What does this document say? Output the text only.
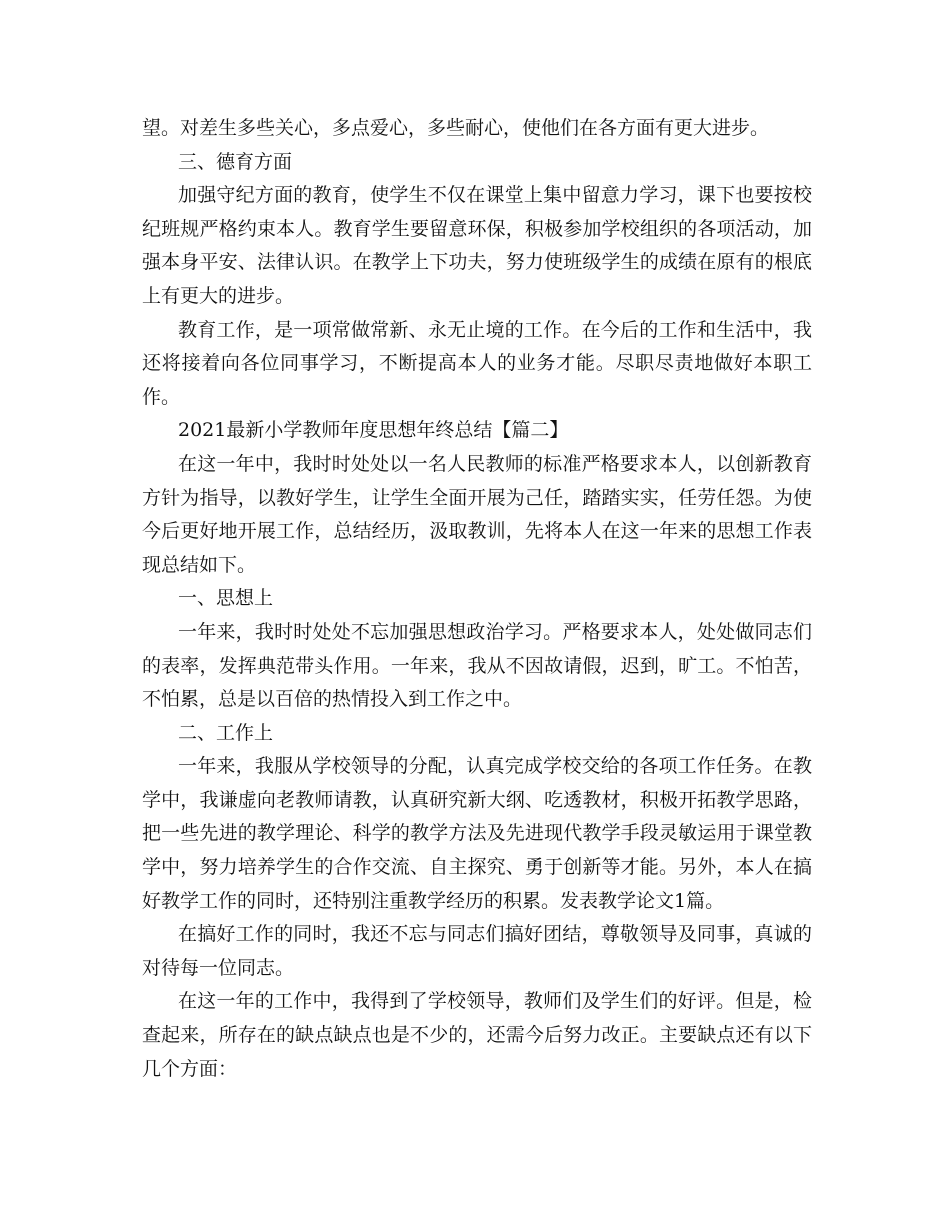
望。对差生多些关心，多点爱心，多些耐心，使他们在各方面有更大进步。

三、德育方面

加强守纪方面的教育，使学生不仅在课堂上集中留意力学习，课下也要按校纪班规严格约束本人。教育学生要留意环保，积极参加学校组织的各项活动，加强本身平安、法律认识。在教学上下功夫，努力使班级学生的成绩在原有的根底上有更大的进步。

教育工作，是一项常做常新、永无止境的工作。在今后的工作和生活中，我还将接着向各位同事学习，不断提高本人的业务才能。尽职尽责地做好本职工作。

2021最新小学教师年度思想年终总结【篇二】

在这一年中，我时时处处以一名人民教师的标准严格要求本人，以创新教育方针为指导，以教好学生，让学生全面开展为己任，踏踏实实，任劳任怨。为使今后更好地开展工作，总结经历，汲取教训，先将本人在这一年来的思想工作表现总结如下。

一、思想上

一年来，我时时处处不忘加强思想政治学习。严格要求本人，处处做同志们的表率，发挥典范带头作用。一年来，我从不因故请假，迟到，旷工。不怕苦，不怕累，总是以百倍的热情投入到工作之中。

二、工作上

一年来，我服从学校领导的分配，认真完成学校交给的各项工作任务。在教学中，我谦虚向老教师请教，认真研究新大纲、吃透教材，积极开拓教学思路，把一些先进的教学理论、科学的教学方法及先进现代教学手段灵敏运用于课堂教学中，努力培养学生的合作交流、自主探究、勇于创新等才能。另外，本人在搞好教学工作的同时，还特别注重教学经历的积累。发表教学论文1篇。

在搞好工作的同时，我还不忘与同志们搞好团结，尊敬领导及同事，真诚的对待每一位同志。

在这一年的工作中，我得到了学校领导，教师们及学生们的好评。但是，检查起来，所存在的缺点缺点也是不少的，还需今后努力改正。主要缺点还有以下几个方面：
